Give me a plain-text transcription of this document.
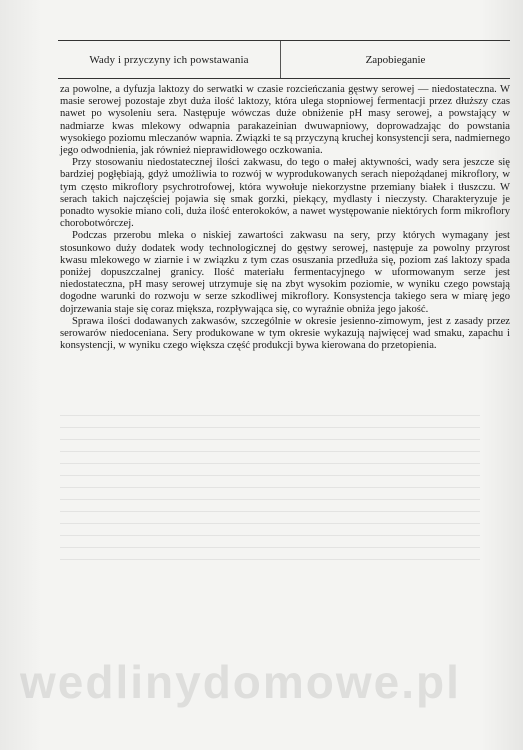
Wady i przyczyny ich powstawania	Zapobieganie

za powolne, a dyfuzja laktozy do serwatki w czasie rozcieńczania gęstwy serowej — niedostateczna. W masie serowej pozostaje zbyt duża ilość laktozy, która ulega stopniowej fermentacji przez dłuższy czas nawet po wysoleniu sera. Następuje wówczas duże obniżenie pH masy serowej, a powstający w nadmiarze kwas mlekowy odwapnia parakazeinian dwuwapniowy, doprowadzając do powstania wysokiego poziomu mleczanów wapnia. Związki te są przyczyną kruchej konsystencji sera, nadmiernego jego odwodnienia, jak również nieprawidłowego oczkowania.

Przy stosowaniu niedostatecznej ilości zakwasu, do tego o małej aktywności, wady sera jeszcze się bardziej pogłębiają, gdyż umożliwia to rozwój w wyprodukowanych serach niepożądanej mikroflory, w tym często mikroflory psychrotrofowej, która wywołuje niekorzystne przemiany białek i tłuszczu. W serach takich najczęściej pojawia się smak gorzki, piekący, mydlasty i nieczysty. Charakteryzuje je ponadto wysokie miano coli, duża ilość enterokoków, a nawet występowanie niektórych form mikroflory chorobotwórczej.

Podczas przerobu mleka o niskiej zawartości zakwasu na sery, przy których wymagany jest stosunkowo duży dodatek wody technologicznej do gęstwy serowej, następuje za powolny przyrost kwasu mlekowego w ziarnie i w związku z tym czas osuszania przedłuża się, poziom zaś laktozy spada poniżej dopuszczalnej granicy. Ilość materiału fermentacyjnego w uformowanym serze jest niedostateczna, pH masy serowej utrzymuje się na zbyt wysokim poziomie, w wyniku czego powstają dogodne warunki do rozwoju w serze szkodliwej mikroflory. Konsystencja takiego sera w miarę jego dojrzewania staje się coraz miększa, rozpływająca się, co wyraźnie obniża jego jakość.

Sprawa ilości dodawanych zakwasów, szczególnie w okresie jesienno-zimowym, jest z zasady przez serowarów niedoceniana. Sery produkowane w tym okresie wykazują najwięcej wad smaku, zapachu i konsystencji, w wyniku czego większa część produkcji bywa kierowana do przetopienia.

wedlinydomowe.pl
